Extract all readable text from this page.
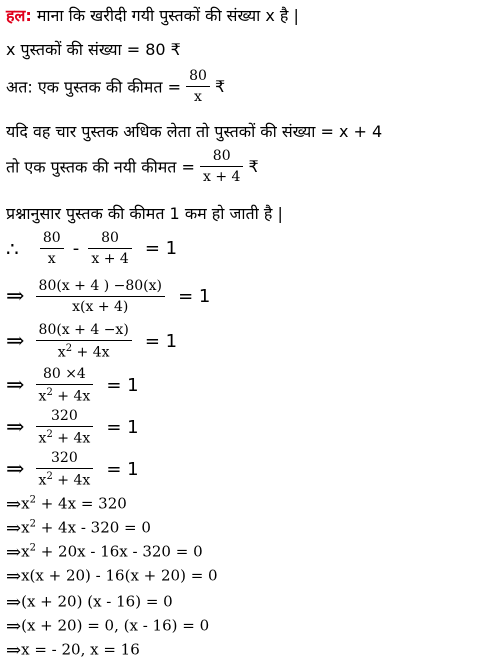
हल: माना कि खरीदी गयी पुस्तकों की संख्या x है |
x पुस्तकों की संख्या = 80 ₹
अत: एक पुस्तक की कीमत = $\frac{80}{x}$ ₹
यदि वह चार पुस्तक अधिक लेता तो पुस्तकों की संख्या = x + 4
तो एक पुस्तक की नयी कीमत = $\frac{80}{x + 4}$ ₹
प्रश्नानुसार पुस्तक की कीमत 1 कम हो जाती है |
∴ $\frac{80}{x} - \frac{80}{x + 4} = 1$
⇒ $\frac{80(x + 4 ) -80(x)}{x(x + 4)} = 1$
⇒ $\frac{80(x + 4 -x)}{x^2 + 4x} = 1$
⇒ $\frac{80 \times 4}{x^2 + 4x} = 1$
⇒ $\frac{320}{x^2 + 4x} = 1$
⇒ $\frac{320}{x^2 + 4x} = 1$
$\Rightarrow x^2 + 4x = 320$
$\Rightarrow x^2 + 4x - 320 = 0$
$\Rightarrow x^2 + 20x - 16x - 320 = 0$
⇒x(x + 20) - 16(x + 20) = 0
⇒(x + 20) (x - 16) = 0
⇒(x + 20) = 0, (x - 16) = 0
⇒x = - 20, x = 16
